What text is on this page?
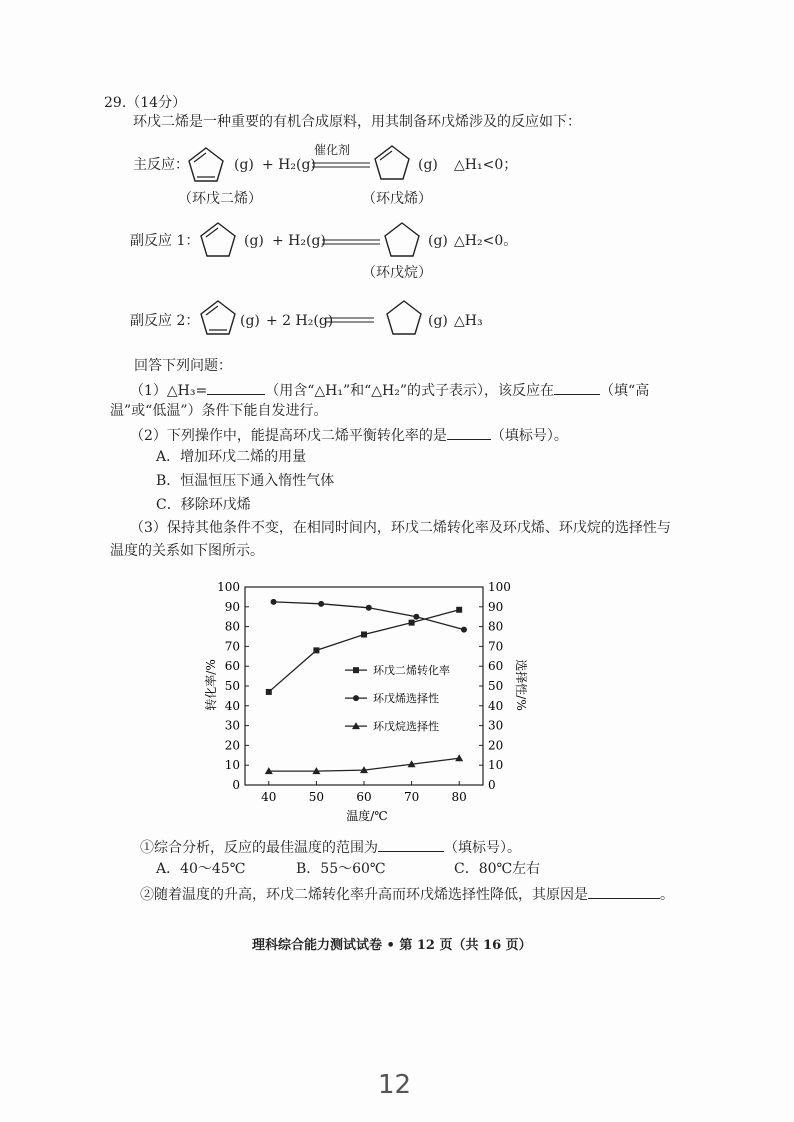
29.（14分）
环戊二烯是一种重要的有机合成原料，用其制备环戊烯涉及的反应如下：
主反应：	(g) + H₂(g)
催化剂
(g) △H₁<0；
（环戊二烯）	（环戊烯）
副反应 1：	(g) + H₂(g)	(g) △H₂<0。
（环戊烷）
副反应 2：	(g) + 2 H₂(g)	(g) △H₃
回答下列问题：
（1）△H₃=	（用含“△H₁”和“△H₂”的式子表示），该反应在	（填“高
温”或“低温”）条件下能自发进行。
（2）下列操作中，能提高环戊二烯平衡转化率的是	（填标号）。
A．增加环戊二烯的用量
B．恒温恒压下通入惰性气体
C．移除环戊烯
（3）保持其他条件不变，在相同时间内，环戊二烯转化率及环戊烯、环戊烷的选择性与
温度的关系如下图所示。
0	0
10	10
20	20
30	30
40	40
50	50
60	60
70	70
80	80
90	90
100	100
40	50	60	70	80
环戊二烯转化率
环戊烯选择性
环戊烷选择性
温度/℃
转化率/%	选择性/%
①综合分析，反应的最佳温度的范围为	（填标号）。
A．40～45℃	B．55～60℃	C．80℃左右
②随着温度的升高，环戊二烯转化率升高而环戊烯选择性降低，其原因是	。
理科综合能力测试试卷 • 第 12 页（共 16 页）
12
